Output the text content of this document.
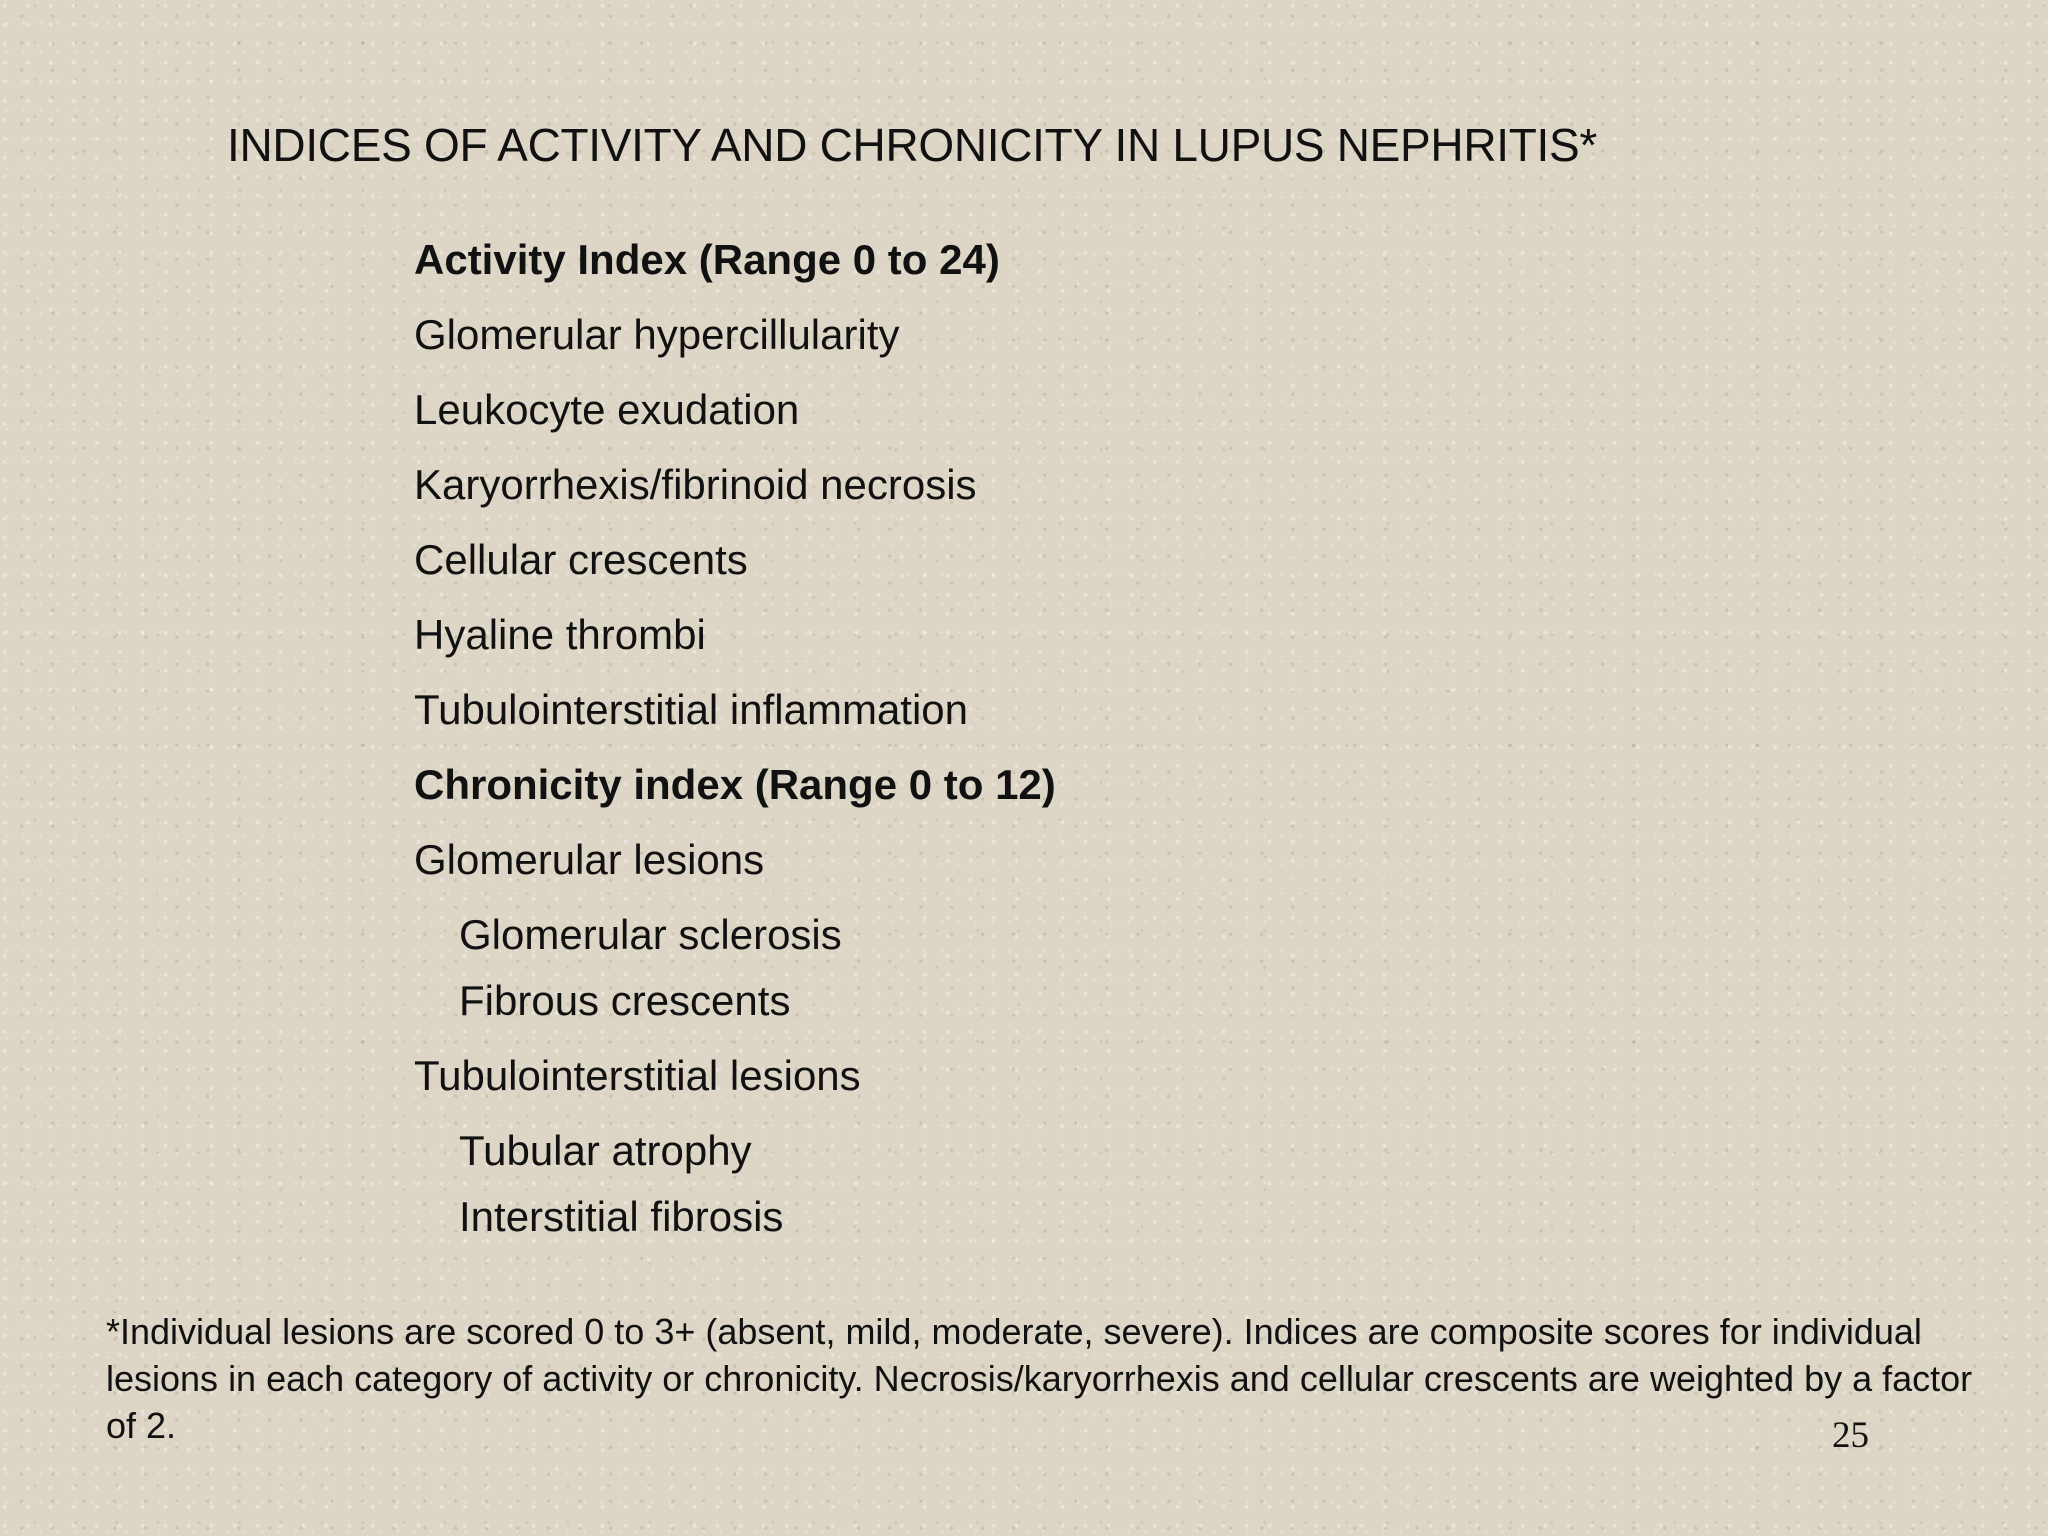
INDICES OF ACTIVITY AND CHRONICITY IN LUPUS NEPHRITIS*
Activity Index (Range 0 to 24)
Glomerular hypercillularity
Leukocyte exudation
Karyorrhexis/fibrinoid necrosis
Cellular crescents
Hyaline thrombi
Tubulointerstitial inflammation
Chronicity index (Range 0 to 12)
Glomerular lesions
Glomerular sclerosis
Fibrous crescents
Tubulointerstitial lesions
Tubular atrophy
Interstitial fibrosis
*Individual lesions are scored 0 to 3+ (absent, mild, moderate, severe). Indices are composite scores for individual lesions in each category of activity or chronicity. Necrosis/karyorrhexis and cellular crescents are weighted by a factor of 2.	25
